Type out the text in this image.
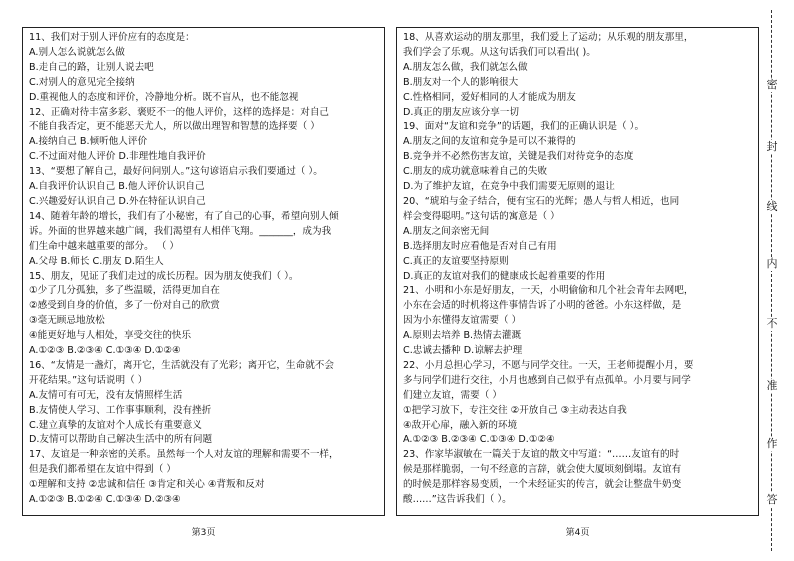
11、我们对于别人评价应有的态度是：
A.别人怎么说就怎么做
B.走自己的路，让别人说去吧
C.对别人的意见完全接纳
D.重视他人的态度和评价，冷静地分析。既不盲从，也不能忽视
12、正确对待丰富多彩、褒贬不一的他人评价，这样的选择是：对自己
不能自我否定，更不能恶天尤人，所以做出理智和智慧的选择要（ ）
A.接纳自己 B.倾听他人评价
C.不过面对他人评价 D.非理性地自我评价
13、“要想了解自己，最好问问别人。”这句谚语启示我们要通过（ ）。
A.自我评价认识自己 B.他人评价认识自己
C.兴趣爱好认识自己 D.外在特征认识自己
14、随着年龄的增长，我们有了小秘密，有了自己的心事，希望向别人倾
诉。外面的世界越来越广阔，我们渴望有人相伴飞翔。_______，成为我
们生命中越来越重要的部分。 （ ）
A.父母 B.师长 C.朋友 D.陌生人
15、朋友，见证了我们走过的成长历程。因为朋友使我们（ ）。
①少了几分孤独，多了些温暖，活得更加自在
②感受到自身的价值，多了一份对自己的欣赏
③毫无顾忌地放松
④能更好地与人相处，享受交往的快乐
A.①②③ B.②③④ C.①③④ D.①②④
16、“友情是一盏灯，离开它，生活就没有了光彩；离开它，生命就不会
开花结果。”这句话说明（ ）
A.友情可有可无，没有友情照样生活
B.友情使人学习、工作事事顺利，没有挫折
C.建立真挚的友谊对个人成长有重要意义
D.友情可以帮助自己解决生活中的所有问题
17、友谊是一种亲密的关系。虽然每一个人对友谊的理解和需要不一样，
但是我们都希望在友谊中得到（ ）
①理解和支持 ②忠诚和信任 ③肯定和关心 ④背叛和反对
A.①②③ B.①②④ C.①③④ D.②③④
18、从喜欢运动的朋友那里，我们爱上了运动；从乐观的朋友那里，
我们学会了乐观。从这句话我们可以看出( )。
A.朋友怎么做，我们就怎么做
B.朋友对一个人的影响很大
C.性格相同，爱好相同的人才能成为朋友
D.真正的朋友应该分享一切
19、面对“友谊和竞争”的话题，我们的正确认识是（ ）。
A.朋友之间的友谊和竞争是可以不兼得的
B.竞争并不必然伤害友谊，关键是我们对待竞争的态度
C.朋友的成功就意味着自己的失败
D.为了维护友谊，在竞争中我们需要无原则的退让
20、“琥珀与金子结合，便有宝石的光辉；愚人与哲人相近，也同
样会变得聪明。”这句话的寓意是（ ）
A.朋友之间亲密无间
B.选择朋友时应看他是否对自己有用
C.真正的友谊要坚持原则
D.真正的友谊对我们的健康成长起着重要的作用
21、小明和小东是好朋友，一天，小明偷偷和几个社会青年去网吧，
小东在会适的时机将这件事情告诉了小明的爸爸。小东这样做，是
因为小东懂得友谊需要（ ）
A.原则去培养 B.热情去灌溉
C.忠诚去播种 D.谅解去护理
22、小月总担心学习，不愿与同学交往。一天，王老师提醒小月，要
多与同学们进行交往，小月也感到自己似乎有点孤单。小月要与同学
们建立友谊，需要（ ）
①把学习放下，专注交往 ②开放自己 ③主动表达自我
④敌开心扉，融入新的环境
A.①②③ B.②③④ C.①③④ D.①②④
23、作家毕淑敏在一篇关于友谊的散文中写道：“……友谊有的时
候是那样脆弱，一句不经意的言辞，就会使大厦顷刻倒塌。友谊有
的时候是那样容易变质，一个未经证实的传言，就会让整盘牛奶变
酸……”这告诉我们（ ）。
第3页	第4页
密
封
线
内
不
准
作
答
